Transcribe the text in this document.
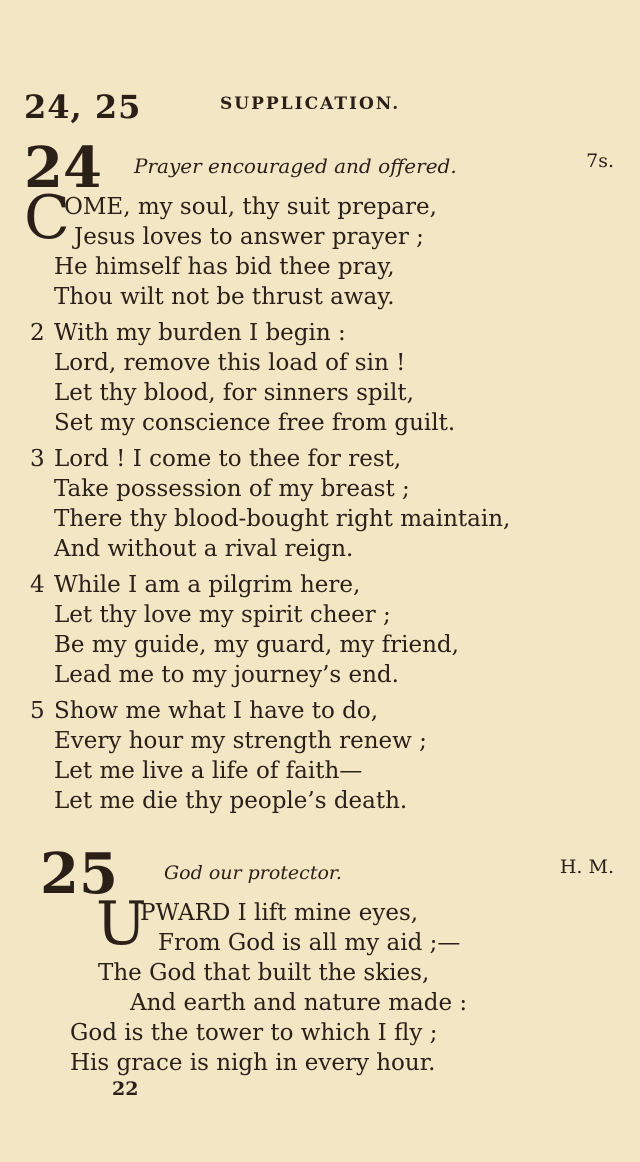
24, 25	SUPPLICATION.
24 Prayer encouraged and offered.	7s.
C
OME, my soul, thy suit prepare,
Jesus loves to answer prayer ;
He himself has bid thee pray,
Thou wilt not be thrust away.
2 With my burden I begin :
Lord, remove this load of sin !
Let thy blood, for sinners spilt,
Set my conscience free from guilt.
3 Lord ! I come to thee for rest,
Take possession of my breast ;
There thy blood-bought right maintain,
And without a rival reign.
4 While I am a pilgrim here,
Let thy love my spirit cheer ;
Be my guide, my guard, my friend,
Lead me to my journey’s end.
5 Show me what I have to do,
Every hour my strength renew ;
Let me live a life of faith—
Let me die thy people’s death.
25 God our protector.	H. M.
U
PWARD I lift mine eyes,
From God is all my aid ;—
The God that built the skies,
And earth and nature made :
God is the tower to which I fly ;
His grace is nigh in every hour.
22
